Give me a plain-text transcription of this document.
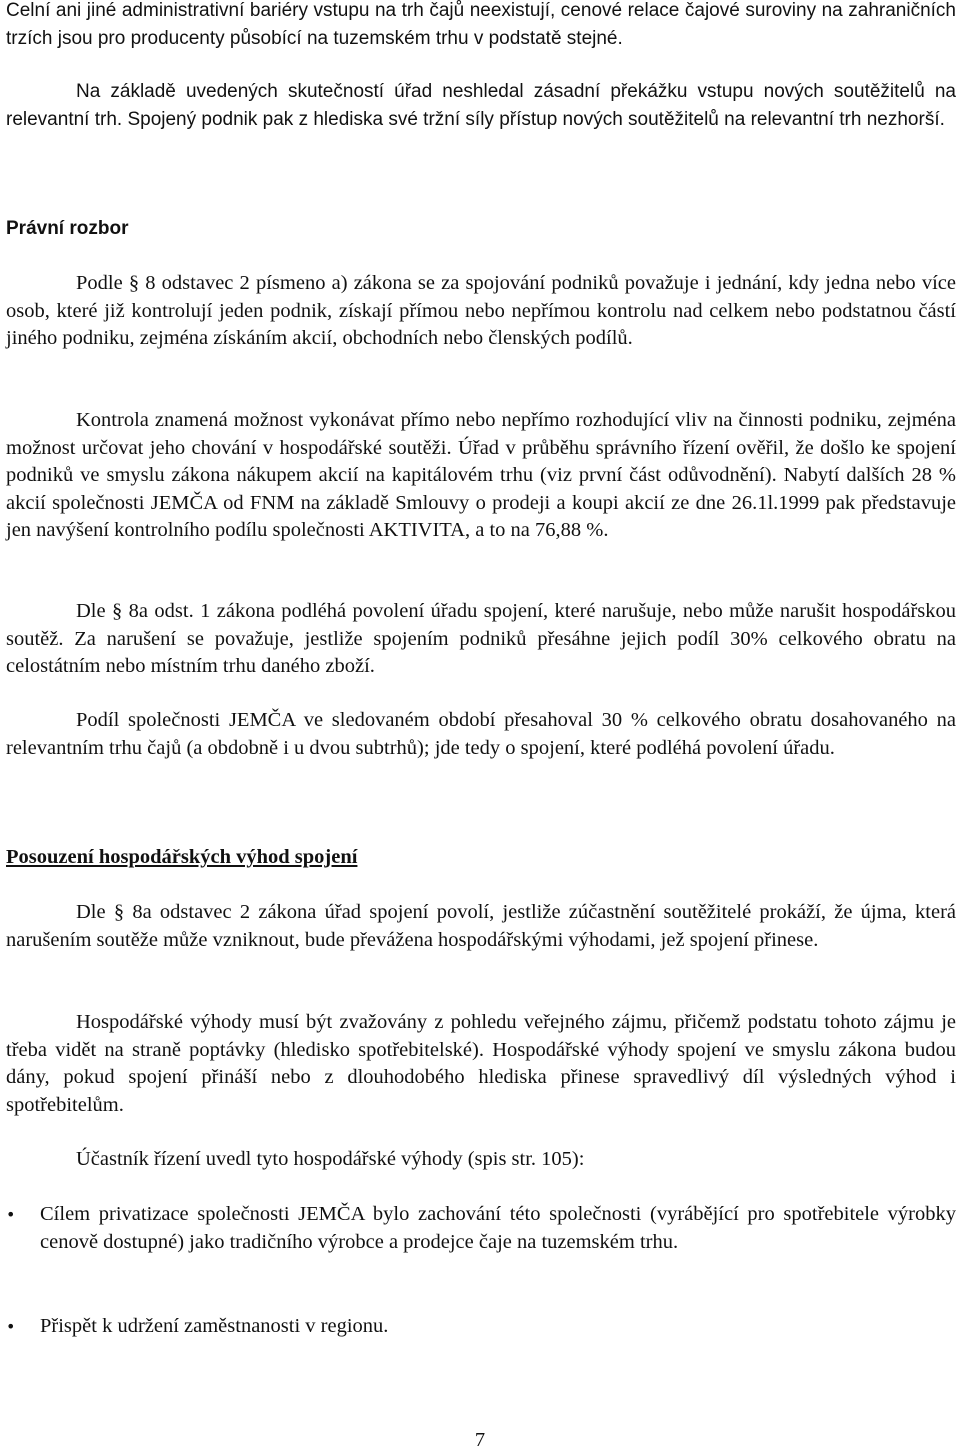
Celní ani jiné administrativní bariéry vstupu na trh čajů neexistují, cenové relace čajové suroviny na zahraničních trzích jsou pro producenty působící na tuzemském trhu v podstatě stejné.

Na základě uvedených skutečností úřad neshledal zásadní překážku vstupu nových soutěžitelů na relevantní trh. Spojený podnik pak z hlediska své tržní síly přístup nových soutěžitelů na relevantní trh nezhorší.

Právní rozbor

Podle § 8 odstavec 2 písmeno a) zákona se za spojování podniků považuje i jednání, kdy jedna nebo více osob, které již kontrolují jeden podnik, získají přímou nebo nepřímou kontrolu nad celkem nebo podstatnou částí jiného podniku, zejména získáním akcií, obchodních nebo členských podílů.

Kontrola znamená možnost vykonávat přímo nebo nepřímo rozhodující vliv na činnosti podniku, zejména možnost určovat jeho chování v hospodářské soutěži. Úřad v průběhu správního řízení ověřil, že došlo ke spojení podniků ve smyslu zákona nákupem akcií na kapitálovém trhu (viz první část odůvodnění). Nabytí dalších 28 % akcií společnosti JEMČA od FNM na základě Smlouvy o prodeji a koupi akcií ze dne 26.1l.1999 pak představuje jen navýšení kontrolního podílu společnosti AKTIVITA, a to na 76,88 %.

Dle § 8a odst. 1 zákona podléhá povolení úřadu spojení, které narušuje, nebo může narušit hospodářskou soutěž. Za narušení se považuje, jestliže spojením podniků přesáhne jejich podíl 30% celkového obratu na celostátním nebo místním trhu daného zboží.

Podíl společnosti JEMČA ve sledovaném období přesahoval 30 % celkového obratu dosahovaného na relevantním trhu čajů (a obdobně i u dvou subtrhů); jde tedy o spojení, které podléhá povolení úřadu.

Posouzení hospodářských výhod spojení

Dle § 8a odstavec 2 zákona úřad spojení povolí, jestliže zúčastnění soutěžitelé prokáží, že újma, která narušením soutěže může vzniknout, bude převážena hospodářskými výhodami, jež spojení přinese.

Hospodářské výhody musí být zvažovány z pohledu veřejného zájmu, přičemž podstatu tohoto zájmu je třeba vidět na straně poptávky (hledisko spotřebitelské). Hospodářské výhody spojení ve smyslu zákona budou dány, pokud spojení přináší nebo z dlouhodobého hlediska přinese spravedlivý díl výsledných výhod i spotřebitelům.

Účastník řízení uvedl tyto hospodářské výhody (spis str. 105):

• Cílem privatizace společnosti JEMČA bylo zachování této společnosti (vyrábějící pro spotřebitele výrobky cenově dostupné) jako tradičního výrobce a prodejce čaje na tuzemském trhu.

• Přispět k udržení zaměstnanosti v regionu.

7
